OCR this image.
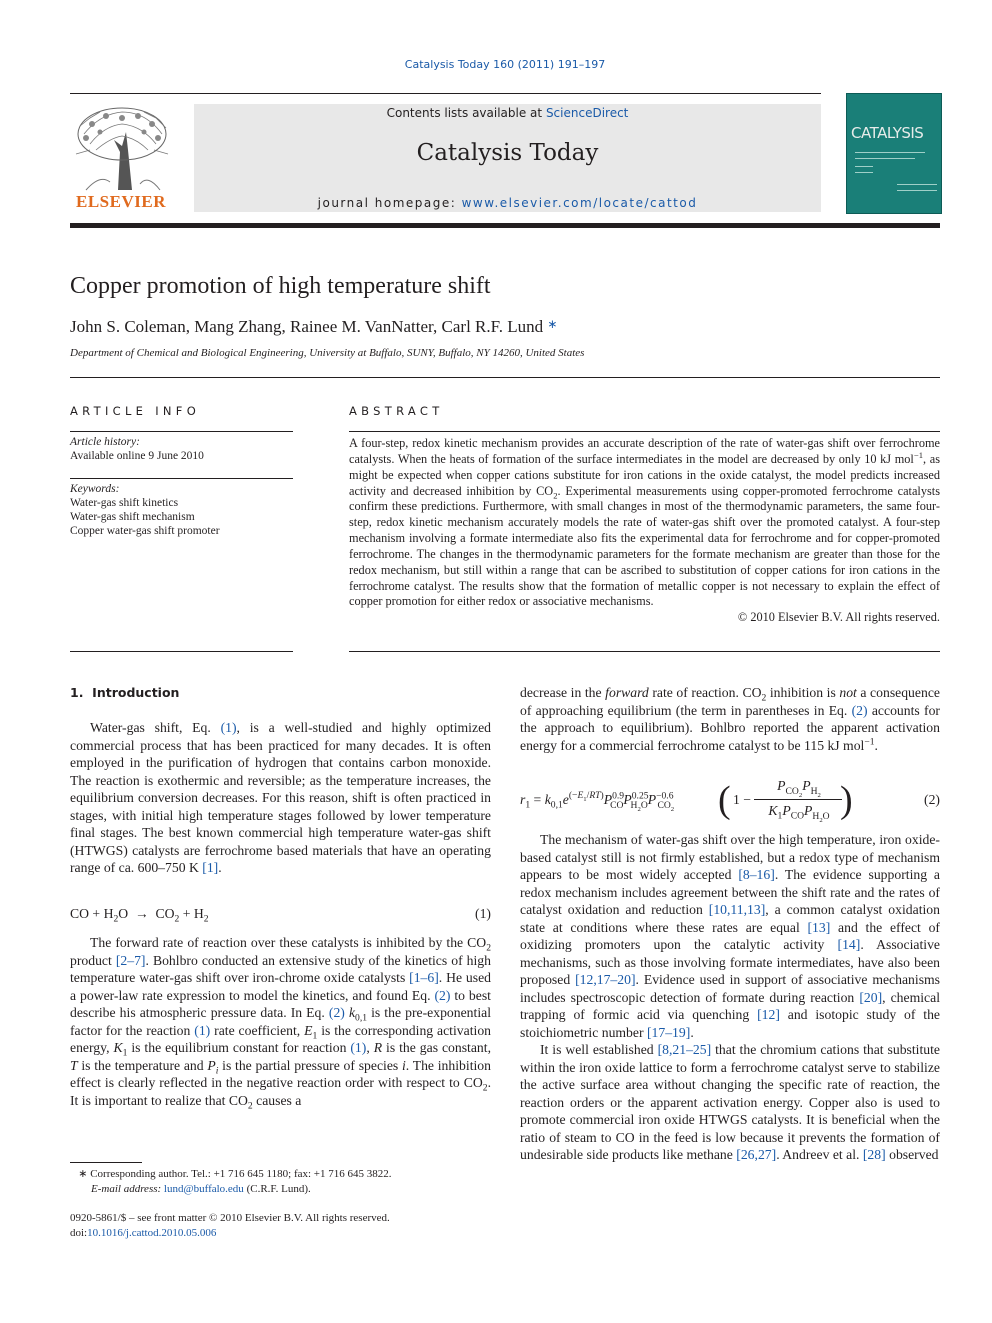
Catalysis Today 160 (2011) 191–197
ELSEVIER
Contents lists available at ScienceDirect
Catalysis Today
journal homepage: www.elsevier.com/locate/cattod
CATALYSIS
Copper promotion of high temperature shift
John S. Coleman, Mang Zhang, Rainee M. VanNatter, Carl R.F. Lund ∗
Department of Chemical and Biological Engineering, University at Buffalo, SUNY, Buffalo, NY 14260, United States
ARTICLE INFO
Article history:
Available online 9 June 2010
Keywords:
Water-gas shift kinetics
Water-gas shift mechanism
Copper water-gas shift promoter
ABSTRACT
A four-step, redox kinetic mechanism provides an accurate description of the rate of water-gas shift over ferrochrome catalysts. When the heats of formation of the surface intermediates in the model are decreased by only 10 kJ mol$^{-1}$, as might be expected when copper cations substitute for iron cations in the oxide catalyst, the model predicts increased activity and decreased inhibition by $CO_2$. Experimental measurements using copper-promoted ferrochrome catalysts confirm these predictions. Furthermore, with small changes in most of the thermodynamic parameters, the same four-step, redox kinetic mechanism accurately models the rate of water-gas shift over the promoted catalyst. A four-step mechanism involving a formate intermediate also fits the experimental data for ferrochrome and for copper-promoted ferrochrome. The changes in the thermodynamic parameters for the formate mechanism are greater than those for the redox mechanism, but still within a range that can be ascribed to substitution of copper cations for iron cations in the ferrochrome catalyst. The results show that the formation of metallic copper is not necessary to explain the effect of copper promotion for either redox or associative mechanisms.
© 2010 Elsevier B.V. All rights reserved.
1. Introduction

Water-gas shift, Eq. (1), is a well-studied and highly optimized commercial process that has been practiced for many decades. It is often employed in the purification of hydrogen that contains carbon monoxide. The reaction is exothermic and reversible; as the temperature increases, the equilibrium conversion decreases. For this reason, shift is often practiced in stages, with initial high temperature stages followed by lower temperature final stages. The best known commercial high temperature water-gas shift (HTWGS) catalysts are ferrochrome based materials that have an operating range of ca. 600–750 K [1].

CO + $H_2O \to CO_2 + H_2$	(1)

The forward rate of reaction over these catalysts is inhibited by the $CO_2$ product [2–7]. Bohlbro conducted an extensive study of the kinetics of high temperature water-gas shift over iron-chrome oxide catalysts [1–6]. He used a power-law rate expression to model the kinetics, and found Eq. (2) to best describe his atmospheric pressure data. In Eq. (2) $k_{0,1}$ is the pre-exponential factor for the reaction (1) rate coefficient, $E_1$ is the corresponding activation energy, $K_1$ is the equilibrium constant for reaction (1), R is the gas constant, T is the temperature and $P_i$ is the partial pressure of species i. The inhibition effect is clearly reflected in the negative reaction order with respect to $CO_2$. It is important to realize that $CO_2$ causes a

∗ Corresponding author. Tel.: +1 716 645 1180; fax: +1 716 645 3822.
E-mail address: lund@buffalo.edu (C.R.F. Lund).
0920-5861/$ – see front matter © 2010 Elsevier B.V. All rights reserved.
doi:10.1016/j.cattod.2010.05.006

decrease in the forward rate of reaction. $CO_2$ inhibition is not a consequence of approaching equilibrium (the term in parentheses in Eq. (2) accounts for the approach to equilibrium). Bohlbro reported the apparent activation energy for a commercial ferrochrome catalyst to be 115 kJ mol$^{-1}$.

$r_1 = k_{0,1}e^{(-E_1/RT)}P^{0.9}_{CO}P^{0.25}_{H_2O}P^{-0.6}_{CO_2}$ ( 1 −
$P_{CO_2}P_{H_2}$
$K_1P_{CO}P_{H_2O}$ )	(2)

The mechanism of water-gas shift over the high temperature, iron oxide-based catalyst still is not firmly established, but a redox type of mechanism appears to be most widely accepted [8–16]. The evidence supporting a redox mechanism includes agreement between the shift rate and the rates of catalyst oxidation and reduction [10,11,13], a common catalyst oxidation state at conditions where these rates are equal [13] and the effect of oxidizing promoters upon the catalytic activity [14]. Associative mechanisms, such as those involving formate intermediates, have also been proposed [12,17–20]. Evidence used in support of associative mechanisms includes spectroscopic detection of formate during reaction [20], chemical trapping of formic acid via quenching [12] and isotopic study of the stoichiometric number [17–19].

It is well established [8,21–25] that the chromium cations that substitute within the iron oxide lattice to form a ferrochrome catalyst serve to stabilize the active surface area without changing the specific rate of reaction, the reaction orders or the apparent activation energy. Copper also is used to promote commercial iron oxide HTWGS catalysts. It is beneficial when the ratio of steam to CO in the feed is low because it prevents the formation of undesirable side products like methane [26,27]. Andreev et al. [28] observed
